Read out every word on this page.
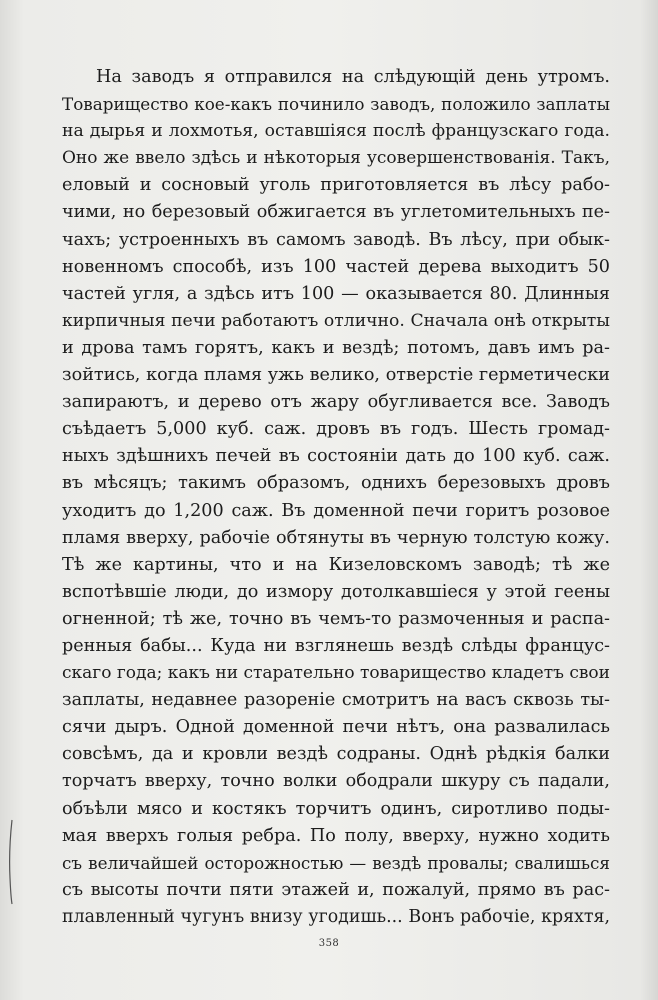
На заводъ я отправился на слѣдующій день утромъ.
Товарищество кое-какъ починило заводъ, положило заплаты
на дырья и лохмотья, оставшіяся послѣ французскаго года.
Оно же ввело здѣсь и нѣкоторыя усовершенствованія. Такъ,
еловый и сосновый уголь приготовляется въ лѣсу рабо-
чими, но березовый обжигается въ углетомительныхъ пе-
чахъ; устроенныхъ въ самомъ заводѣ. Въ лѣсу, при обык-
новенномъ способѣ, изъ 100 частей дерева выходитъ 50
частей угля, а здѣсь итъ 100 — оказывается 80. Длинныя
кирпичныя печи работаютъ отлично. Сначала онѣ открыты
и дрова тамъ горятъ, какъ и вездѣ; потомъ, давъ имъ ра-
зойтись, когда пламя ужь велико, отверстіе герметически
запираютъ, и дерево отъ жару обугливается все. Заводъ
съѣдаетъ 5,000 куб. саж. дровъ въ годъ. Шесть громад-
ныхъ здѣшнихъ печей въ состояніи дать до 100 куб. саж.
въ мѣсяцъ; такимъ образомъ, однихъ березовыхъ дровъ
уходитъ до 1,200 саж. Въ доменной печи горитъ розовое
пламя вверху, рабочіе обтянуты въ черную толстую кожу.
Тѣ же картины, что и на Кизеловскомъ заводѣ; тѣ же
вспотѣвшіе люди, до измору дотолкавшіеся у этой геены
огненной; тѣ же, точно въ чемъ-то размоченныя и распа-
ренныя бабы... Куда ни взглянешь вездѣ слѣды францус-
скаго года; какъ ни старательно товарищество кладетъ свои
заплаты, недавнее разореніе смотритъ на васъ сквозь ты-
сячи дыръ. Одной доменной печи нѣтъ, она развалилась
совсѣмъ, да и кровли вездѣ содраны. Однѣ рѣдкія балки
торчатъ вверху, точно волки ободрали шкуру съ падали,
объѣли мясо и костякъ торчитъ одинъ, сиротливо поды-
мая вверхъ голыя ребра. По полу, вверху, нужно ходить
съ величайшей осторожностью — вездѣ провалы; свалишься
съ высоты почти пяти этажей и, пожалуй, прямо въ рас-
плавленный чугунъ внизу угодишь... Вонъ рабочіе, кряхтя,
358
